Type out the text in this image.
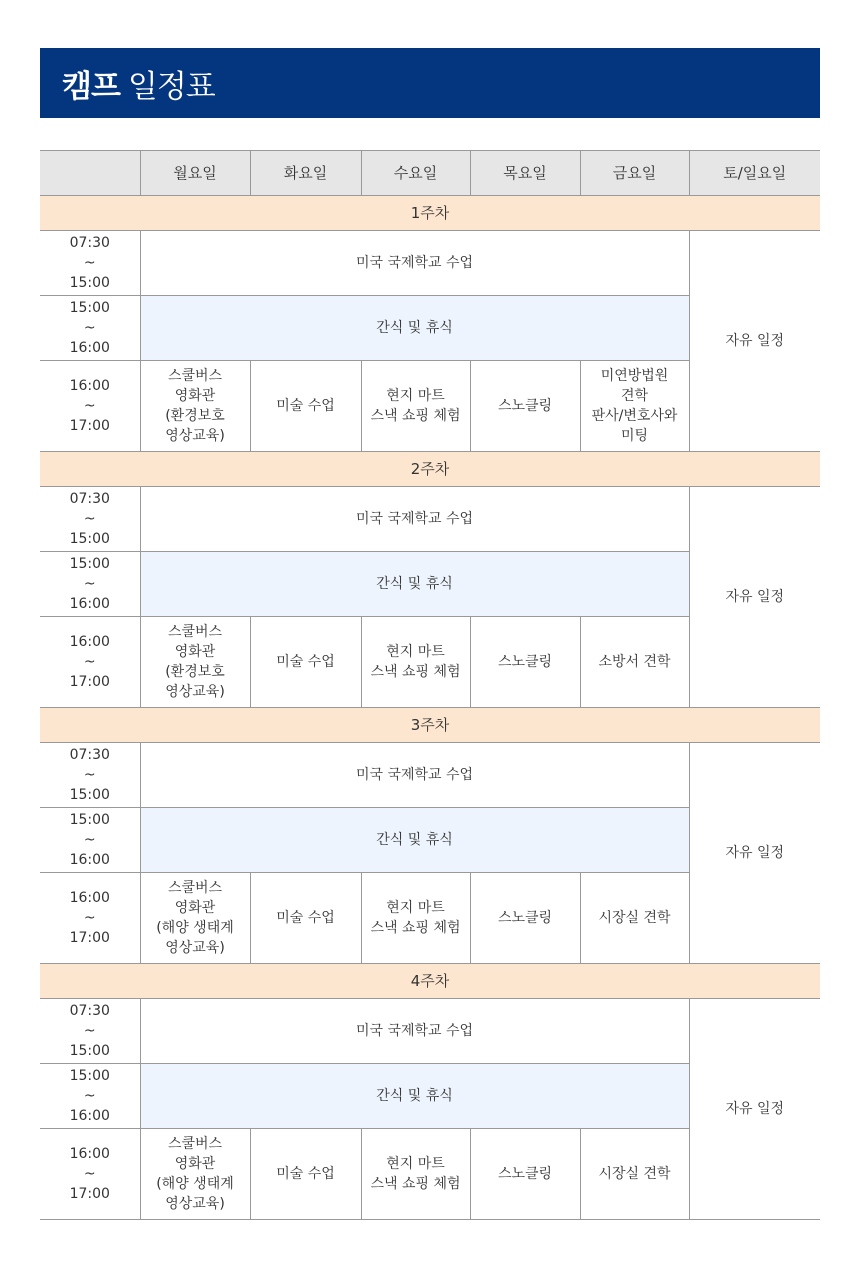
캠프 일정표
	월요일	화요일	수요일	목요일	금요일	토/일요일
1주차						
07:30
~
15:00	미국 국제학교 수업					자유 일정
15:00
~
16:00	간식 및 휴식					
16:00
~
17:00	스쿨버스
영화관
(환경보호
영상교육)	미술 수업	현지 마트
스낵 쇼핑 체험	스노클링	미연방법원
견학
판사/변호사와
미팅	
2주차						
07:30
~
15:00	미국 국제학교 수업					자유 일정
15:00
~
16:00	간식 및 휴식					
16:00
~
17:00	스쿨버스
영화관
(환경보호
영상교육)	미술 수업	현지 마트
스낵 쇼핑 체험	스노클링	소방서 견학	
3주차						
07:30
~
15:00	미국 국제학교 수업					자유 일정
15:00
~
16:00	간식 및 휴식					
16:00
~
17:00	스쿨버스
영화관
(해양 생태계
영상교육)	미술 수업	현지 마트
스낵 쇼핑 체험	스노클링	시장실 견학	
4주차						
07:30
~
15:00	미국 국제학교 수업					자유 일정
15:00
~
16:00	간식 및 휴식					
16:00
~
17:00	스쿨버스
영화관
(해양 생태계
영상교육)	미술 수업	현지 마트
스낵 쇼핑 체험	스노클링	시장실 견학	
